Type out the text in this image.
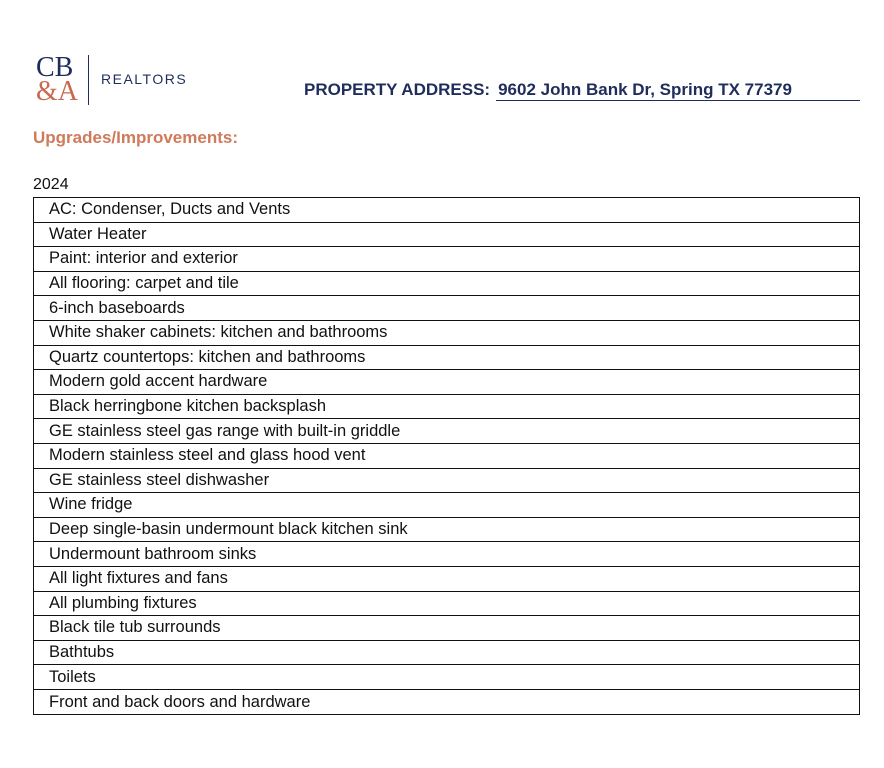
CB
&A REALTORS
PROPERTY ADDRESS: 9602 John Bank Dr, Spring TX 77379
Upgrades/Improvements:
2024
AC: Condenser, Ducts and Vents
Water Heater
Paint: interior and exterior
All flooring: carpet and tile
6-inch baseboards
White shaker cabinets: kitchen and bathrooms
Quartz countertops: kitchen and bathrooms
Modern gold accent hardware
Black herringbone kitchen backsplash
GE stainless steel gas range with built-in griddle
Modern stainless steel and glass hood vent
GE stainless steel dishwasher
Wine fridge
Deep single-basin undermount black kitchen sink
Undermount bathroom sinks
All light fixtures and fans
All plumbing fixtures
Black tile tub surrounds
Bathtubs
Toilets
Front and back doors and hardware
